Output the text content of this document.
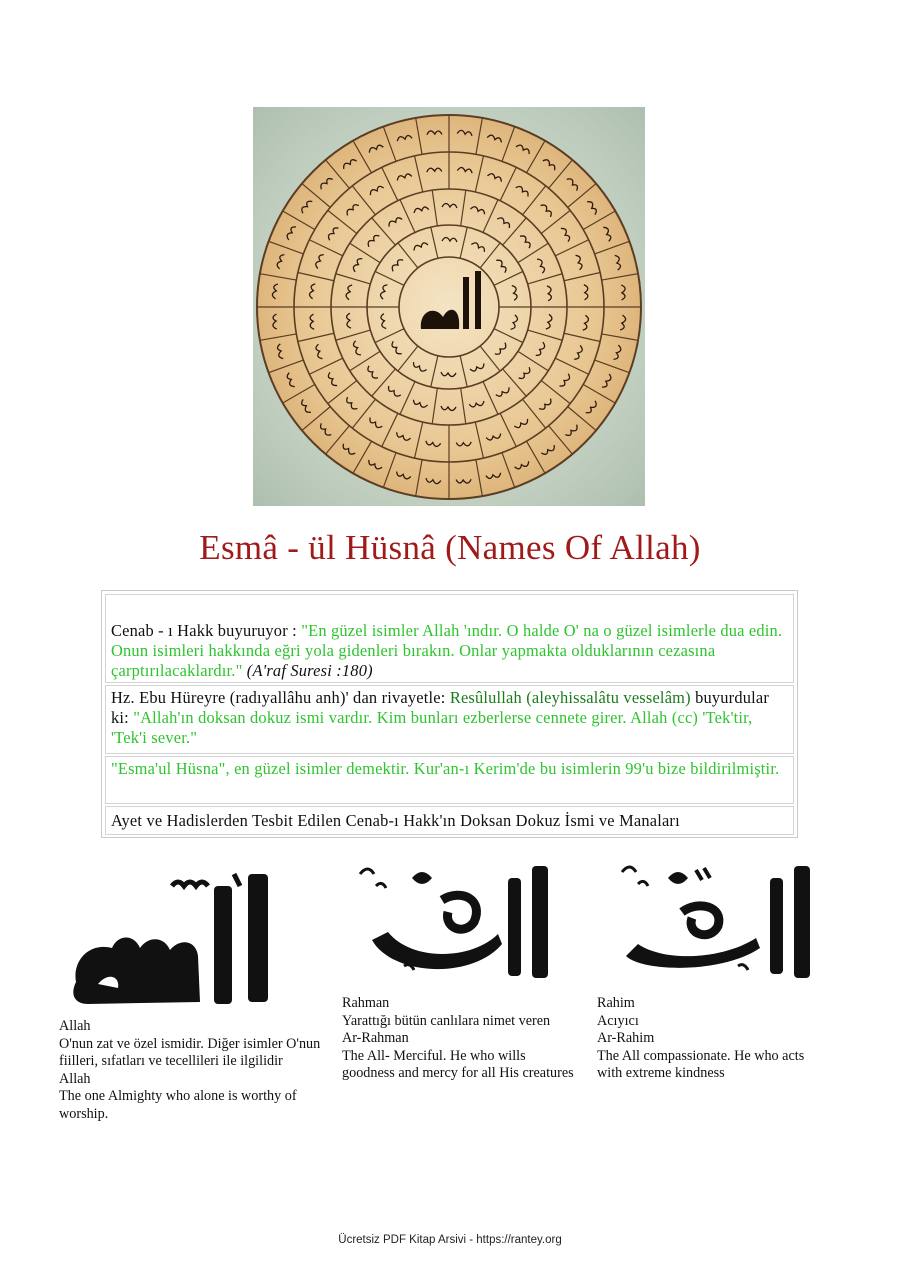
Esmâ - ül Hüsnâ (Names Of Allah)
Cenab - ı Hakk buyuruyor : "En güzel isimler Allah 'ındır. O halde O' na o güzel isimlerle dua edin. Onun isimleri hakkında eğri yola gidenleri bırakın. Onlar yapmakta olduklarının cezasına çarptırılacaklardır." (A'raf Suresi :180)
Hz. Ebu Hüreyre (radıyallâhu anh)' dan rivayetle: Resûlullah (aleyhissalâtu vesselâm) buyurdular ki: "Allah'ın doksan dokuz ismi vardır. Kim bunları ezberlerse cennete girer. Allah (cc) 'Tek'tir, 'Tek'i sever."
"Esma'ul Hüsna", en güzel isimler demektir. Kur'an-ı Kerim'de bu isimlerin 99'u bize bildirilmiştir.
Ayet ve Hadislerden Tesbit Edilen Cenab-ı Hakk'ın Doksan Dokuz İsmi ve Manaları
Allah
O'nun zat ve özel ismidir. Diğer isimler O'nun fiilleri, sıfatları ve tecellileri ile ilgilidir
Allah
The one Almighty who alone is worthy of worship.
Rahman
Yarattığı bütün canlılara nimet veren
Ar-Rahman
The All- Merciful. He who wills
goodness and mercy for all His creatures
Rahim
Acıyıcı
Ar-Rahim
The All compassionate. He who acts
with extreme kindness
Ücretsiz PDF Kitap Arsivi - https://rantey.org
